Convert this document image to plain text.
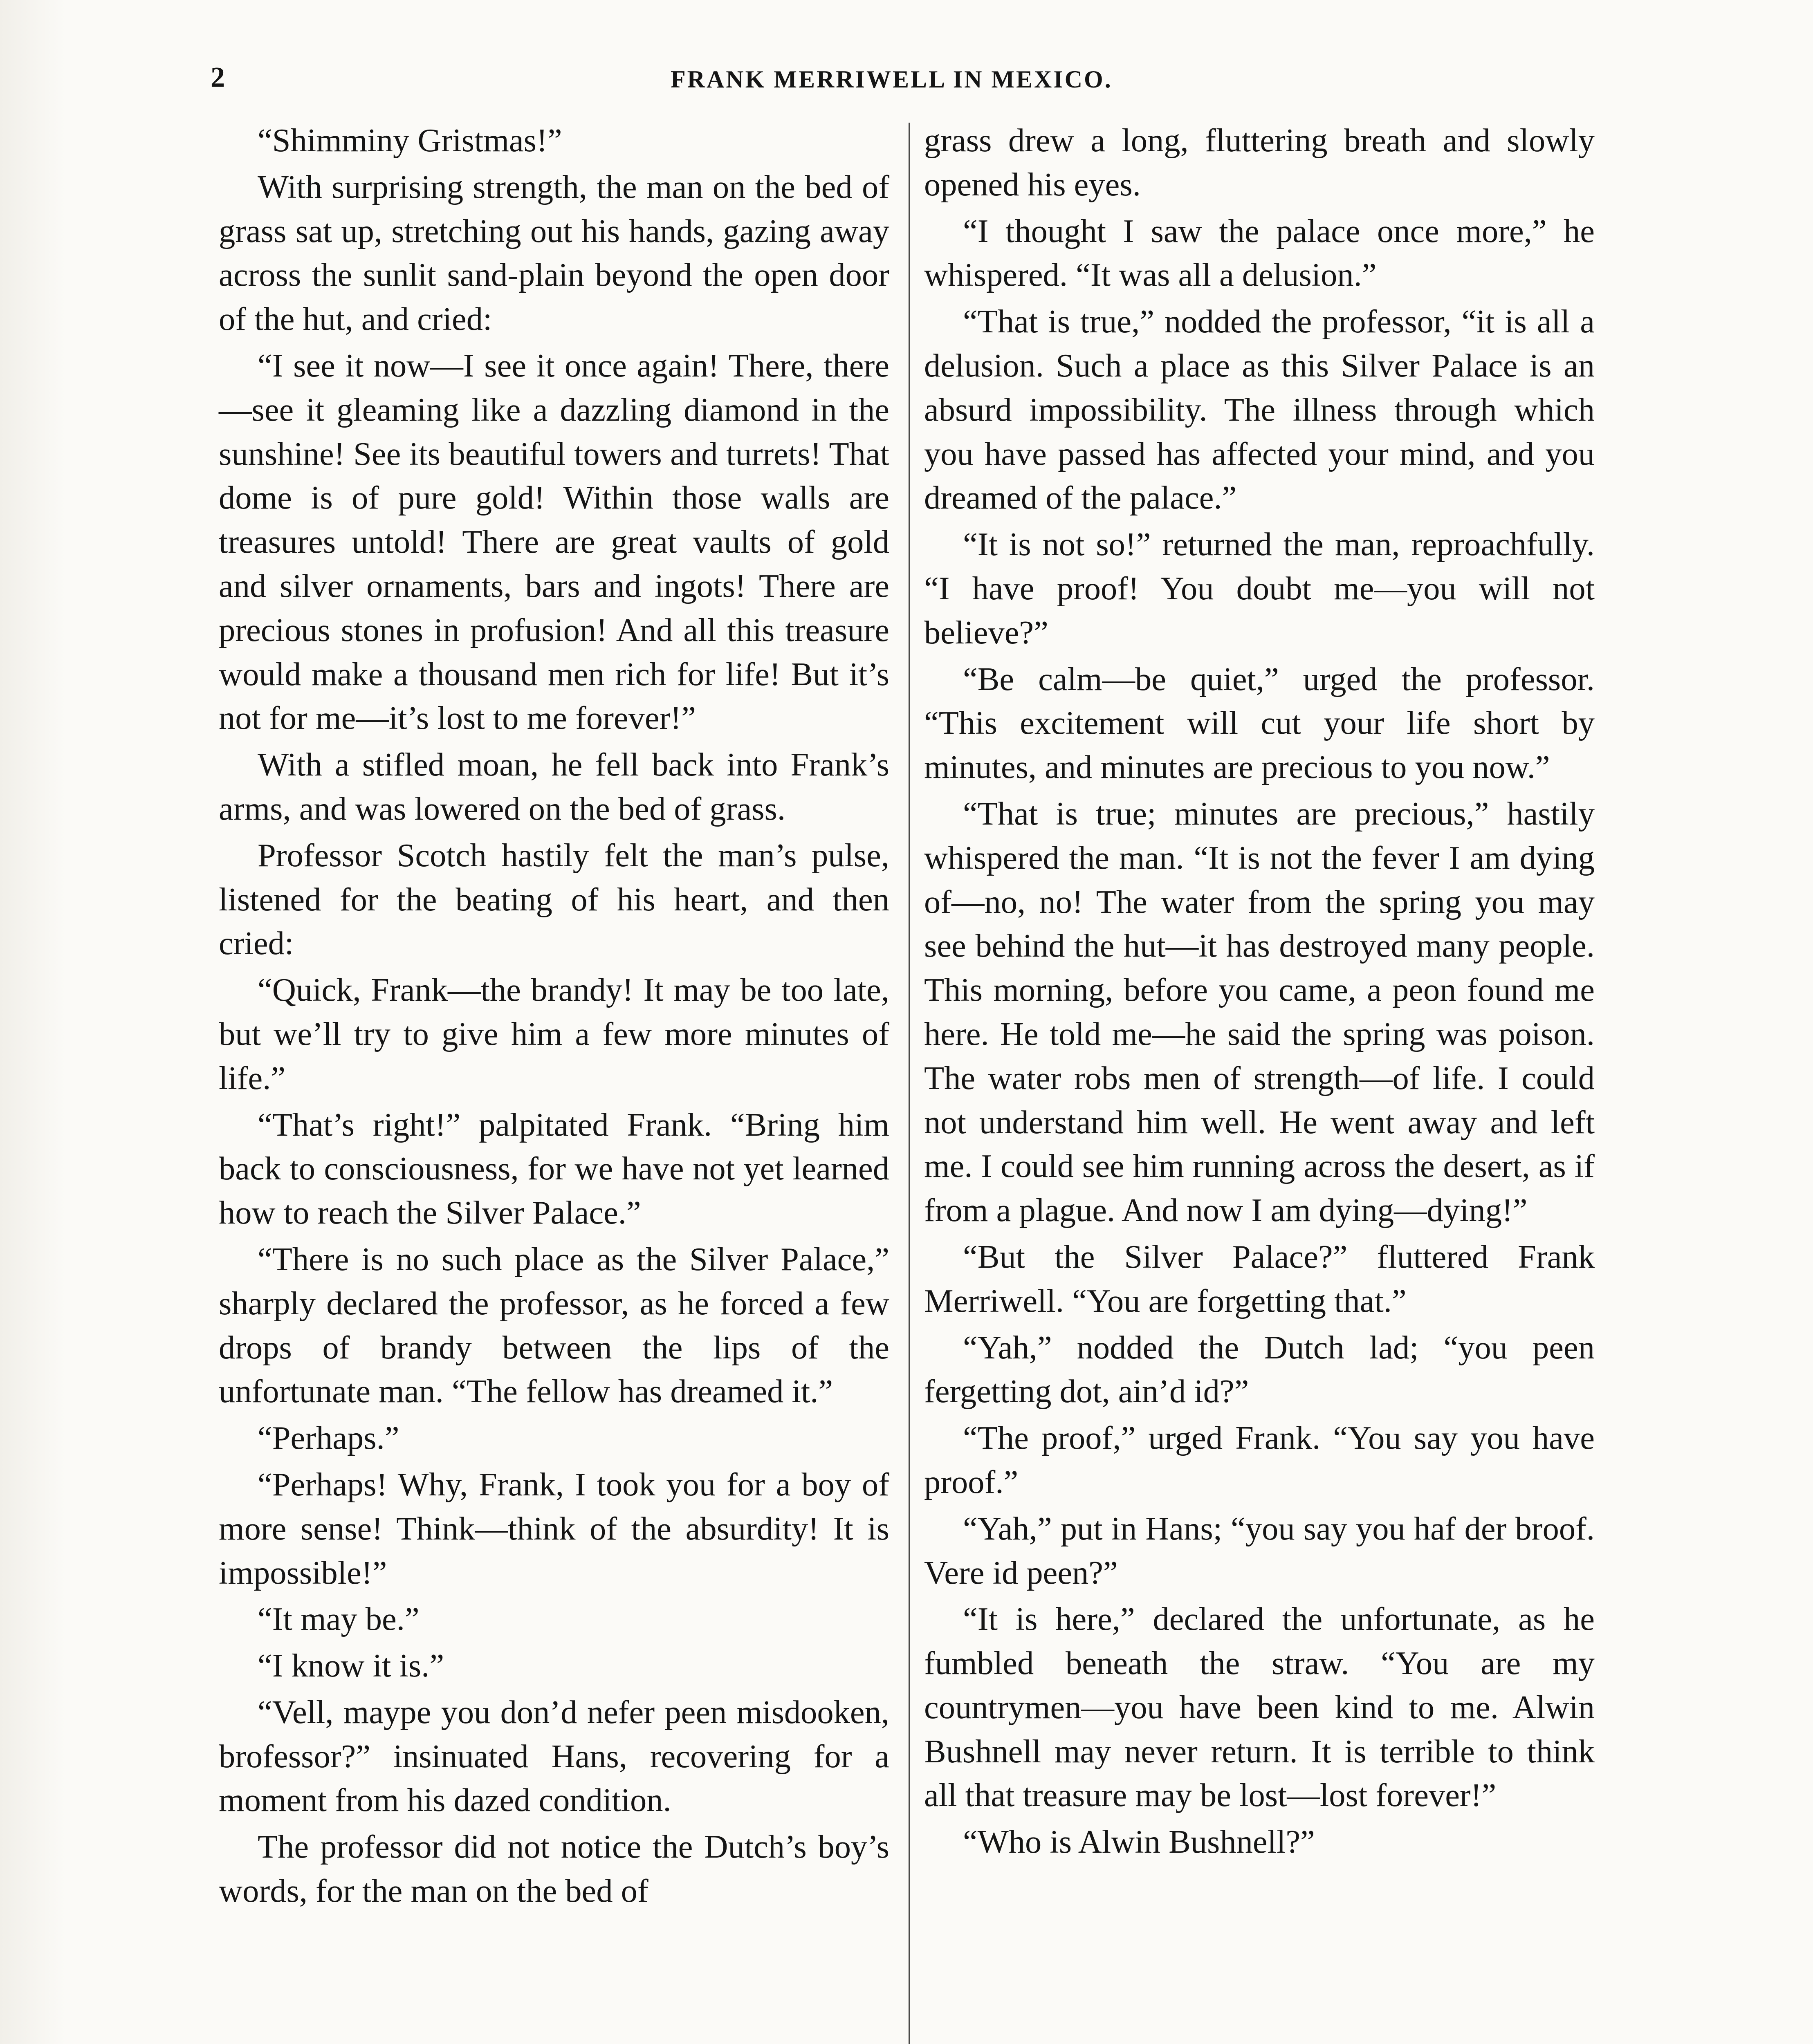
2	FRANK MERRIWELL IN MEXICO.

“Shimminy Gristmas!”

With surprising strength, the man on the bed of grass sat up, stretching out his hands, gazing away across the sunlit sand-plain beyond the open door of the hut, and cried:

“I see it now—I see it once again! There, there—see it gleaming like a dazzling diamond in the sunshine! See its beautiful towers and turrets! That dome is of pure gold! Within those walls are treasures untold! There are great vaults of gold and silver ornaments, bars and ingots! There are precious stones in profusion! And all this treasure would make a thousand men rich for life! But it’s not for me—it’s lost to me forever!”

With a stifled moan, he fell back into Frank’s arms, and was lowered on the bed of grass.

Professor Scotch hastily felt the man’s pulse, listened for the beating of his heart, and then cried:

“Quick, Frank—the brandy! It may be too late, but we’ll try to give him a few more minutes of life.”

“That’s right!” palpitated Frank. “Bring him back to consciousness, for we have not yet learned how to reach the Silver Palace.”

“There is no such place as the Silver Palace,” sharply declared the professor, as he forced a few drops of brandy between the lips of the unfortunate man. “The fellow has dreamed it.”

“Perhaps.”

“Perhaps! Why, Frank, I took you for a boy of more sense! Think—think of the absurdity! It is impossible!”

“It may be.”

“I know it is.”

“Vell, maype you don’d nefer peen misdooken, brofessor?” insinuated Hans, recovering for a moment from his dazed condition.

The professor did not notice the Dutch’s boy’s words, for the man on the bed of

grass drew a long, fluttering breath and slowly opened his eyes.

“I thought I saw the palace once more,” he whispered. “It was all a delusion.”

“That is true,” nodded the professor, “it is all a delusion. Such a place as this Silver Palace is an absurd impossibility. The illness through which you have passed has affected your mind, and you dreamed of the palace.”

“It is not so!” returned the man, reproachfully. “I have proof! You doubt me—you will not believe?”

“Be calm—be quiet,” urged the professor. “This excitement will cut your life short by minutes, and minutes are precious to you now.”

“That is true; minutes are precious,” hastily whispered the man. “It is not the fever I am dying of—no, no! The water from the spring you may see behind the hut—it has destroyed many people. This morning, before you came, a peon found me here. He told me—he said the spring was poison. The water robs men of strength—of life. I could not understand him well. He went away and left me. I could see him running across the desert, as if from a plague. And now I am dying—dying!”

“But the Silver Palace?” fluttered Frank Merriwell. “You are forgetting that.”

“Yah,” nodded the Dutch lad; “you peen fergetting dot, ain’d id?”

“The proof,” urged Frank. “You say you have proof.”

“Yah,” put in Hans; “you say you haf der broof. Vere id peen?”

“It is here,” declared the unfortunate, as he fumbled beneath the straw. “You are my countrymen—you have been kind to me. Alwin Bushnell may never return. It is terrible to think all that treasure may be lost—lost forever!”

“Who is Alwin Bushnell?”
